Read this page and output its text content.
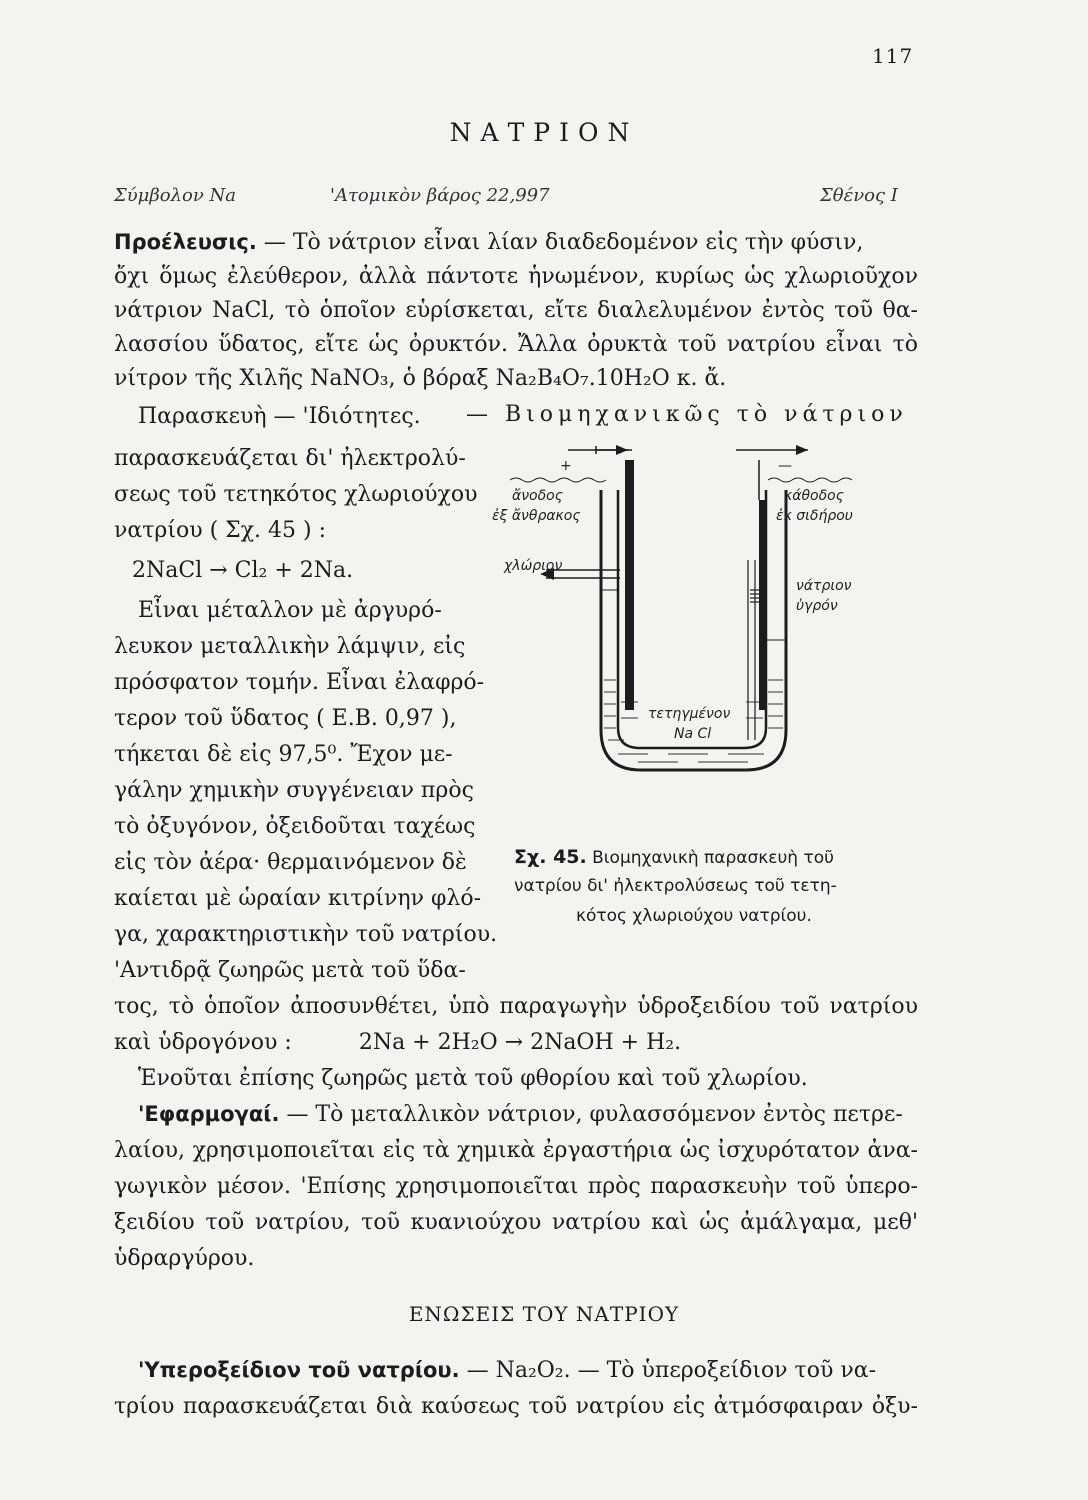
117
ΝΑΤΡΙΟΝ
Σύμβολον Na	'Ατομικὸν βάρος 22,997	Σθένος I
Προέλευσις. — Τὸ νάτριον εἶναι λίαν διαδεδομένον εἰς τὴν φύσιν,
ὄχι ὅμως ἐλεύθερον, ἀλλὰ πάντοτε ἡνωμένον, κυρίως ὡς χλωριοῦχον
νάτριον NaCl, τὸ ὁποῖον εὑρίσκεται, εἴτε διαλελυμένον ἐντὸς τοῦ θα-
λασσίου ὕδατος, εἴτε ὡς ὀρυκτόν. Ἄλλα ὀρυκτὰ τοῦ νατρίου εἶναι τὸ
νίτρον τῆς Χιλῆς NaNO₃, ὁ βόραξ Na₂B₄O₇.10H₂O κ. ἄ.
Παρασκευὴ — 'Ιδιότητες. — Βιομηχανικῶς τὸ νάτριον
παρασκευάζεται δι' ἠλεκτρολύ-
σεως τοῦ τετηκότος χλωριούχου
νατρίου ( Σχ. 45 ) :
2NaCl → Cl₂ + 2Na.
Εἶναι μέταλλον μὲ ἀργυρό-
λευκον μεταλλικὴν λάμψιν, εἰς
πρόσφατον τομήν. Εἶναι ἐλαφρό-
τερον τοῦ ὕδατος ( Ε.Β. 0,97 ),
τήκεται δὲ εἰς 97,5⁰. Ἔχον με-
γάλην χημικὴν συγγένειαν πρὸς
τὸ ὀξυγόνον, ὀξειδοῦται ταχέως
εἰς τὸν ἀέρα· θερμαινόμενον δὲ
καίεται μὲ ὡραίαν κιτρίνην φλό-
γα, χαρακτηριστικὴν τοῦ νατρίου.
'Αντιδρᾷ ζωηρῶς μετὰ τοῦ ὕδα-
τος, τὸ ὁποῖον ἀποσυνθέτει, ὑπὸ παραγωγὴν ὑδροξειδίου τοῦ νατρίου
καὶ ὑδρογόνου :	2Na + 2H₂O → 2NaOH + H₂.
Ἑνοῦται ἐπίσης ζωηρῶς μετὰ τοῦ φθορίου καὶ τοῦ χλωρίου.
+	—
ἄνοδος
ἐξ ἄνθρακος
κάθοδος
ἐκ σιδήρου
χλώριον
νάτριον
ὑγρόν
τετηγμένον
Na Cl
Σχ. 45. Βιομηχανικὴ παρασκευὴ τοῦ
νατρίου δι' ἠλεκτρολύσεως τοῦ τετη-
κότος χλωριούχου νατρίου.
'Εφαρμογαί. — Τὸ μεταλλικὸν νάτριον, φυλασσόμενον ἐντὸς πετρε-
λαίου, χρησιμοποιεῖται εἰς τὰ χημικὰ ἐργαστήρια ὡς ἰσχυρότατον ἀνα-
γωγικὸν μέσον. 'Επίσης χρησιμοποιεῖται πρὸς παρασκευὴν τοῦ ὑπερο-
ξειδίου τοῦ νατρίου, τοῦ κυανιούχου νατρίου καὶ ὡς ἀμάλγαμα, μεθ'
ὑδραργύρου.
ΕΝΩΣΕΙΣ ΤΟΥ ΝΑΤΡΙΟΥ
'Υπεροξείδιον τοῦ νατρίου. — Na₂O₂. — Τὸ ὑπεροξείδιον τοῦ να-
τρίου παρασκευάζεται διὰ καύσεως τοῦ νατρίου εἰς ἀτμόσφαιραν ὀξυ-
